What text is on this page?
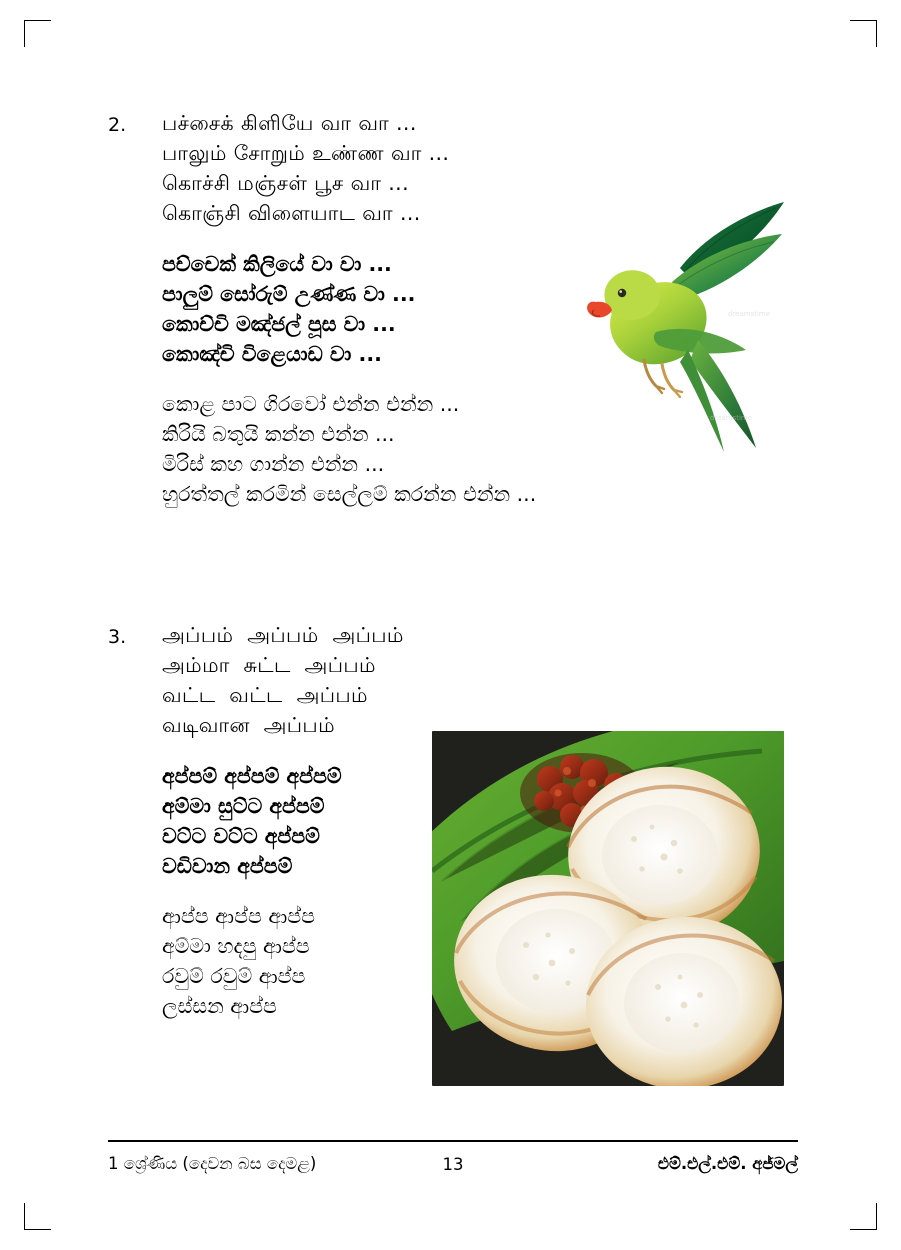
2.	பச்சைக் கிளியே வா வா ...
பாலும் சோறும் உண்ண வா ...
கொச்சி மஞ்சள் பூச வா ...
கொஞ்சி விளையாட வா ...
පච්චෙක් කිලියේ වා වා ...
පාලුම් සෝරුම් උණ්ණ වා ...
කොච්චි මඤ්ජල් පූස වා ...
කොඤ්චි විළෙයාඩ වා ...
කොළ පාට ගිරවෝ එන්න එන්න ...
කිරියි බතුයි කන්න එන්න ...
මිරිස් කහ ගාන්න එන්න ...
හුරත්තල් කරමින් සෙල්ලම් කරන්න එන්න ...
dreamstime
dreamstime
3.	அப்பம்  அப்பம்  அப்பம்
அம்மா  சுட்ட  அப்பம்
வட்ட  வட்ட  அப்பம்
வடிவான  அப்பம்
අප්පම් අප්පම් අප්පම්
අම්මා සුට්ට අප්පම්
වට්ට වට්ට අප්පම්
වඩිවාන අප්පම්
ආප්ප ආප්ප ආප්ප
අම්මා හදපු ආප්ප
රවුම් රවුම් ආප්ප
ලස්සන ආප්ප
1 ශ්‍රේණිය (දෙවන බස දෙමළ)	13	එම්.එල්.එම්. අජ්මල්
